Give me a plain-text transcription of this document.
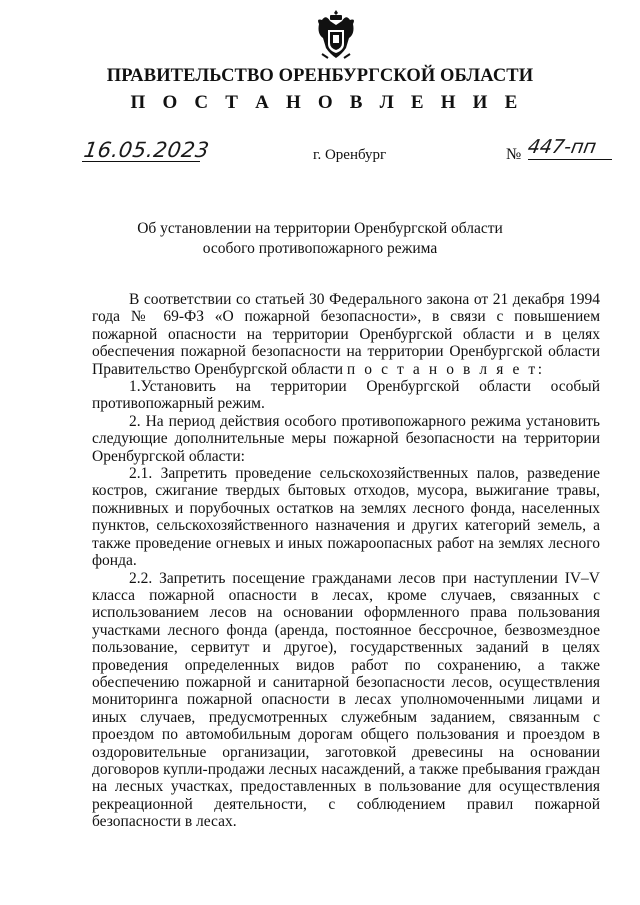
ПРАВИТЕЛЬСТВО ОРЕНБУРГСКОЙ ОБЛАСТИ
П О С Т А Н О В Л Е Н И Е
16.05.2023	г. Оренбург	№ 447-пп
Об установлении на территории Оренбургской области
особого противопожарного режима

В соответствии со статьей 30 Федерального закона от 21 декабря 1994 года № 69-ФЗ «О пожарной безопасности», в связи с повышением пожарной опасности на территории Оренбургской области и в целях обеспечения пожарной безопасности на территории Оренбургской области Правительство Оренбургской области п о с т а н о в л я е т:

1.Установить на территории Оренбургской области особый противопожарный режим.

2. На период действия особого противопожарного режима установить следующие дополнительные меры пожарной безопасности на территории Оренбургской области:

2.1. Запретить проведение сельскохозяйственных палов, разведение костров, сжигание твердых бытовых отходов, мусора, выжигание травы, пожнивных и порубочных остатков на землях лесного фонда, населенных пунктов, сельскохозяйственного назначения и других категорий земель, а также проведение огневых и иных пожароопасных работ на землях лесного фонда.

2.2. Запретить посещение гражданами лесов при наступлении IV–V класса пожарной опасности в лесах, кроме случаев, связанных с использованием лесов на основании оформленного права пользования участками лесного фонда (аренда, постоянное бессрочное, безвозмездное пользование, сервитут и другое), государственных заданий в целях проведения определенных видов работ по сохранению, а также обеспечению пожарной и санитарной безопасности лесов, осуществления мониторинга пожарной опасности в лесах уполномоченными лицами и иных случаев, предусмотренных служебным заданием, связанным с проездом по автомобильным дорогам общего пользования и проездом в оздоровительные организации, заготовкой древесины на основании договоров купли-продажи лесных насаждений, а также пребывания граждан на лесных участках, предоставленных в пользование для осуществления рекреационной деятельности, с соблюдением правил пожарной безопасности в лесах.
